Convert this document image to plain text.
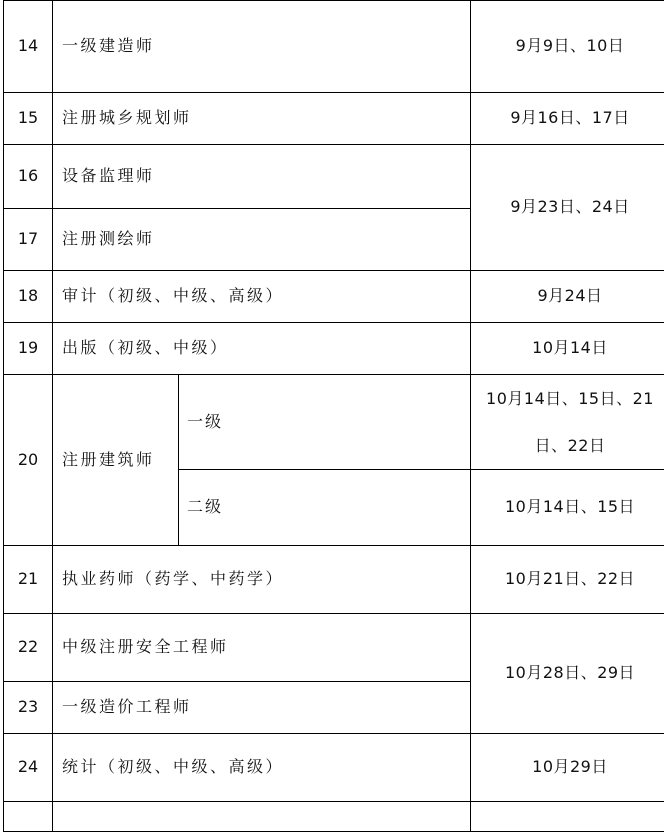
14	一级建造师		9月9日、10日
15	注册城乡规划师		9月16日、17日
16	设备监理师		9月23日、24日
17	注册测绘师		
18	审计（初级、中级、高级）		9月24日
19	出版（初级、中级）		10月14日
20	注册建筑师	一级	10月14日、15日、21日、22日
		二级	10月14日、15日
21	执业药师（药学、中药学）		10月21日、22日
22	中级注册安全工程师		10月28日、29日
23	一级造价工程师		
24	统计（初级、中级、高级）		10月29日
